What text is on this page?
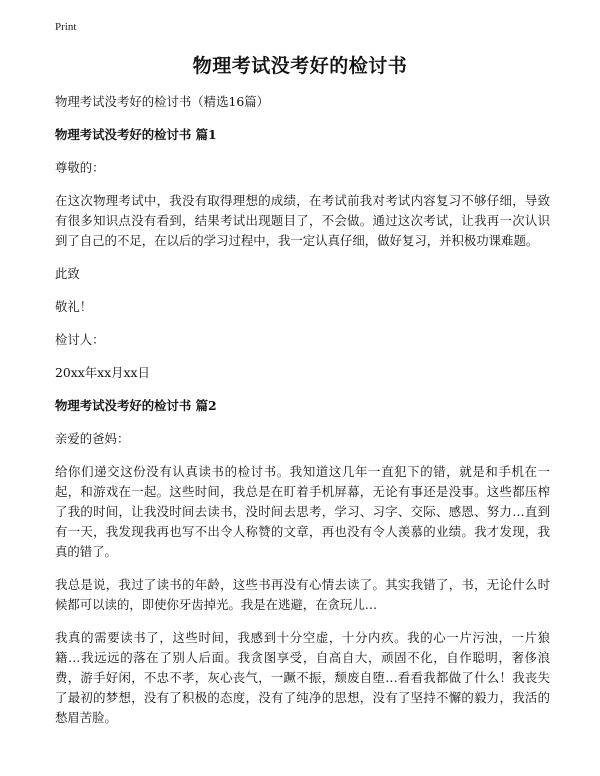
Print
物理考试没考好的检讨书

物理考试没考好的检讨书（精选16篇）

物理考试没考好的检讨书 篇1

尊敬的：

在这次物理考试中，我没有取得理想的成绩，在考试前我对考试内容复习不够仔细，导致有很多知识点没有看到，结果考试出现题目了，不会做。通过这次考试，让我再一次认识到了自己的不足，在以后的学习过程中，我一定认真仔细，做好复习，并积极功课难题。

此致

敬礼！

检讨人：

20xx年xx月xx日

物理考试没考好的检讨书 篇2

亲爱的爸妈：

给你们递交这份没有认真读书的检讨书。我知道这几年一直犯下的错，就是和手机在一起，和游戏在一起。这些时间，我总是在盯着手机屏幕，无论有事还是没事。这些都压榨了我的时间，让我没时间去读书，没时间去思考，学习、习字、交际、感恩、努力…直到有一天，我发现我再也写不出令人称赞的文章，再也没有令人羡慕的业绩。我才发现，我真的错了。

我总是说，我过了读书的年龄，这些书再没有心情去读了。其实我错了，书，无论什么时候都可以读的，即使你牙齿掉光。我是在逃避，在贪玩儿…

我真的需要读书了，这些时间，我感到十分空虚，十分内疚。我的心一片污浊，一片狼籍…我远远的落在了别人后面。我贪图享受，自高自大，顽固不化，自作聪明，奢侈浪费，游手好闲，不忠不孝，灰心丧气，一蹶不振，颓废自堕…看看我都做了什么！我丧失了最初的梦想，没有了积极的态度，没有了纯净的思想，没有了坚持不懈的毅力，我活的愁眉苦脸。
